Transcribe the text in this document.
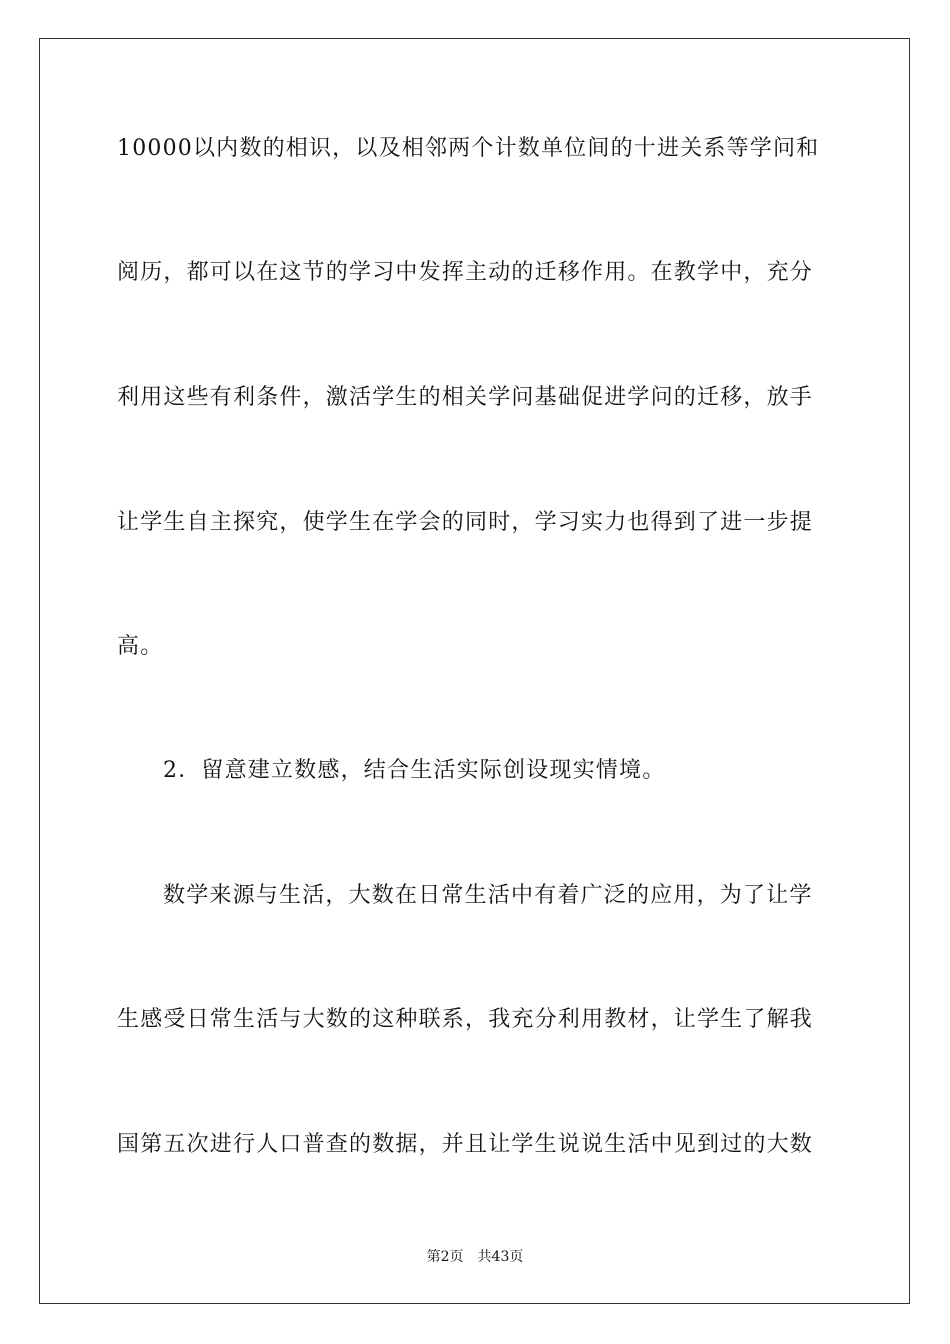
10000以内数的相识，以及相邻两个计数单位间的十进关系等学问和
阅历，都可以在这节的学习中发挥主动的迁移作用。在教学中，充分
利用这些有利条件，激活学生的相关学问基础促进学问的迁移，放手
让学生自主探究，使学生在学会的同时，学习实力也得到了进一步提
高。
2．留意建立数感，结合生活实际创设现实情境。
数学来源与生活，大数在日常生活中有着广泛的应用，为了让学
生感受日常生活与大数的这种联系，我充分利用教材，让学生了解我
国第五次进行人口普查的数据，并且让学生说说生活中见到过的大数
第2页 共43页
